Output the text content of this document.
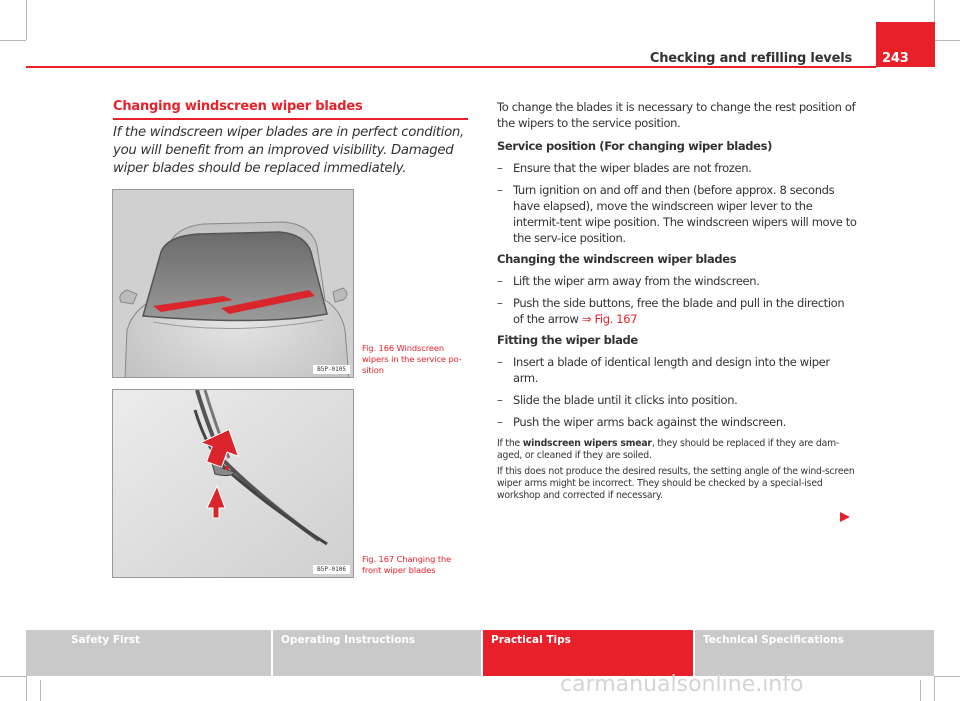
Checking and refilling levels	243
Changing windscreen wiper blades
If the windscreen wiper blades are in perfect condition, you will benefit from an improved visibility. Damaged wiper blades should be replaced immediately.
B5P-0105
Fig. 166 Windscreen wipers in the service po-sition
B5P-0106
Fig. 167 Changing the front wiper blades

To change the blades it is necessary to change the rest position of the wipers to the service position.

Service position (For changing wiper blades)

– Ensure that the wiper blades are not frozen.
– Turn ignition on and off and then (before approx. 8 seconds have elapsed), move the windscreen wiper lever to the intermit-tent wipe position. The windscreen wipers will move to the serv-ice position.

Changing the windscreen wiper blades

– Lift the wiper arm away from the windscreen.
– Push the side buttons, free the blade and pull in the direction of the arrow ⇒ Fig. 167

Fitting the wiper blade

– Insert a blade of identical length and design into the wiper arm.
– Slide the blade until it clicks into position.
– Push the wiper arms back against the windscreen.

If the windscreen wipers smear, they should be replaced if they are dam-aged, or cleaned if they are soiled.

If this does not produce the desired results, the setting angle of the wind-screen wiper arms might be incorrect. They should be checked by a special-ised workshop and corrected if necessary.

Safety First	Operating Instructions	Practical Tips	Technical Specifications
carmanualsonline.info
